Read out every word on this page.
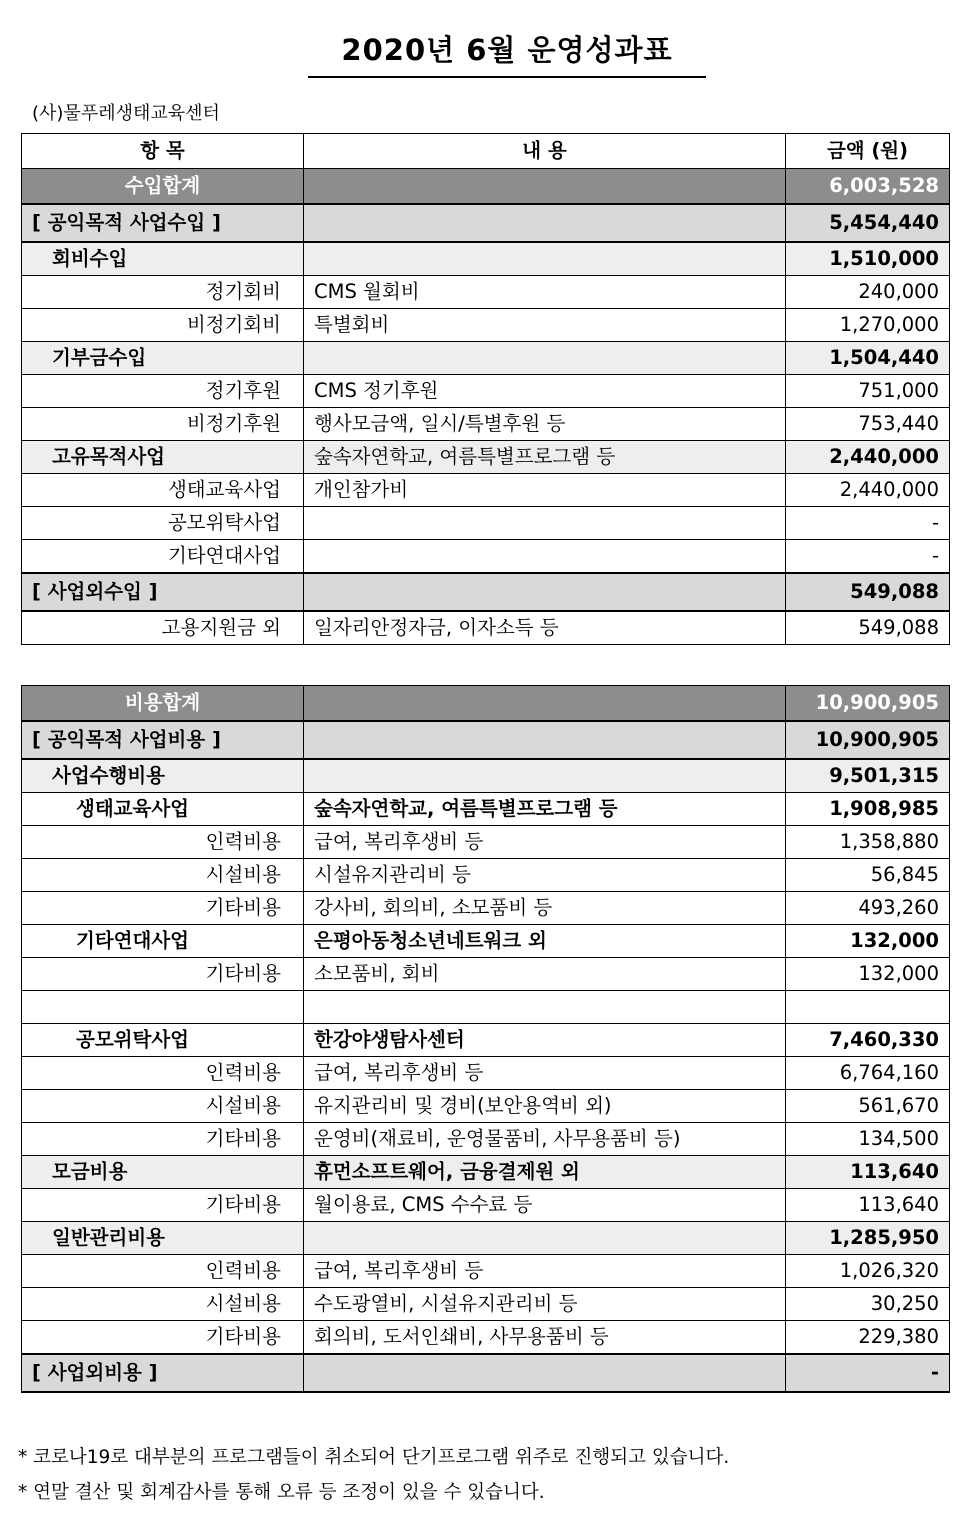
2020년 6월 운영성과표
(사)물푸레생태교육센터
항 목	내 용	금액 (원)
수입합계		6,003,528
[ 공익목적 사업수입 ]		5,454,440
회비수입		1,510,000
정기회비	CMS 월회비	240,000
비정기회비	특별회비	1,270,000
기부금수입		1,504,440
정기후원	CMS 정기후원	751,000
비정기후원	행사모금액, 일시/특별후원 등	753,440
고유목적사업	숲속자연학교, 여름특별프로그램 등	2,440,000
생태교육사업	개인참가비	2,440,000
공모위탁사업		-
기타연대사업		-
[ 사업외수입 ]		549,088
고용지원금 외	일자리안정자금, 이자소득 등	549,088
비용합계		10,900,905
[ 공익목적 사업비용 ]		10,900,905
사업수행비용		9,501,315
생태교육사업	숲속자연학교, 여름특별프로그램 등	1,908,985
인력비용	급여, 복리후생비 등	1,358,880
시설비용	시설유지관리비 등	56,845
기타비용	강사비, 회의비, 소모품비 등	493,260
기타연대사업	은평아동청소년네트워크 외	132,000
기타비용	소모품비, 회비	132,000

공모위탁사업	한강야생탐사센터	7,460,330
인력비용	급여, 복리후생비 등	6,764,160
시설비용	유지관리비 및 경비(보안용역비 외)	561,670
기타비용	운영비(재료비, 운영물품비, 사무용품비 등)	134,500
모금비용	휴먼소프트웨어, 금융결제원 외	113,640
기타비용	월이용료, CMS 수수료 등	113,640
일반관리비용		1,285,950
인력비용	급여, 복리후생비 등	1,026,320
시설비용	수도광열비, 시설유지관리비 등	30,250
기타비용	회의비, 도서인쇄비, 사무용품비 등	229,380
[ 사업외비용 ]		-
* 코로나19로 대부분의 프로그램들이 취소되어 단기프로그램 위주로 진행되고 있습니다.
* 연말 결산 및 회계감사를 통해 오류 등 조정이 있을 수 있습니다.
